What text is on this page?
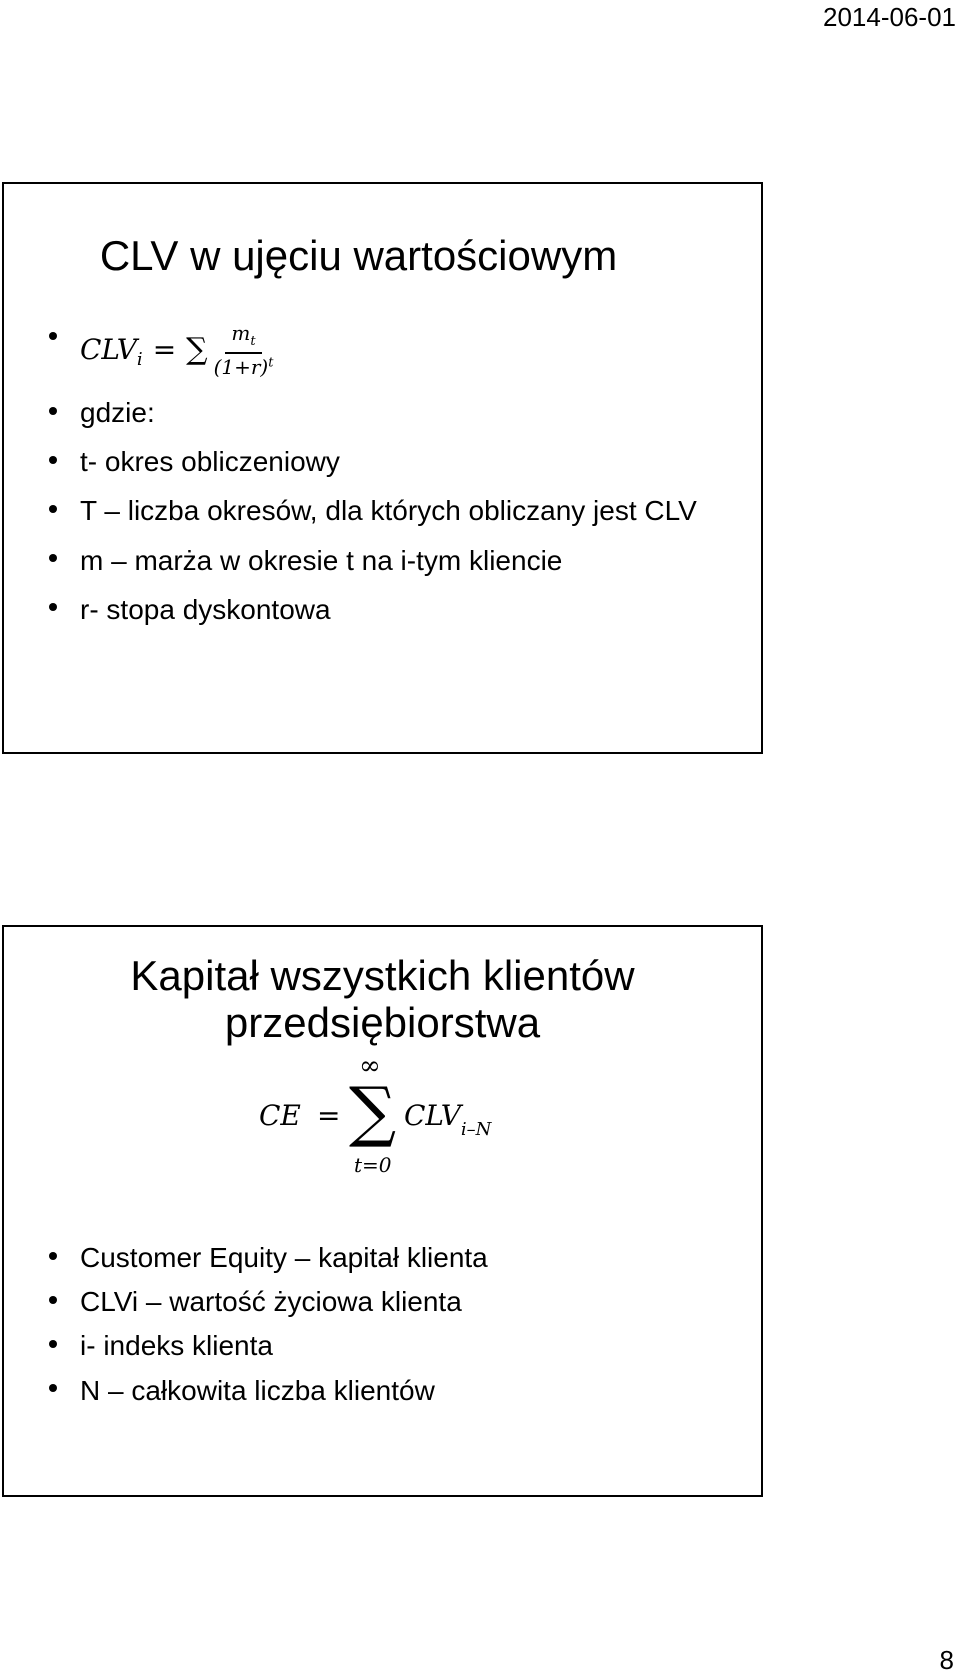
2014-06-01
CLV w ujęciu wartościowym
CLV i = ∑ $\frac{m_t}{(1+r)^t}$
gdzie:
t- okres obliczeniowy
T – liczba okresów, dla których obliczany jest CLV
m – marża w okresie t na i-tym kliencie
r- stopa dyskontowa
Kapitał wszystkich klientów przedsiębiorstwa
CE =
∞
∑
t=0
$CLV_{i-N}$
Customer Equity – kapitał klienta
CLVi – wartość życiowa klienta
i- indeks klienta
N – całkowita liczba klientów
8
